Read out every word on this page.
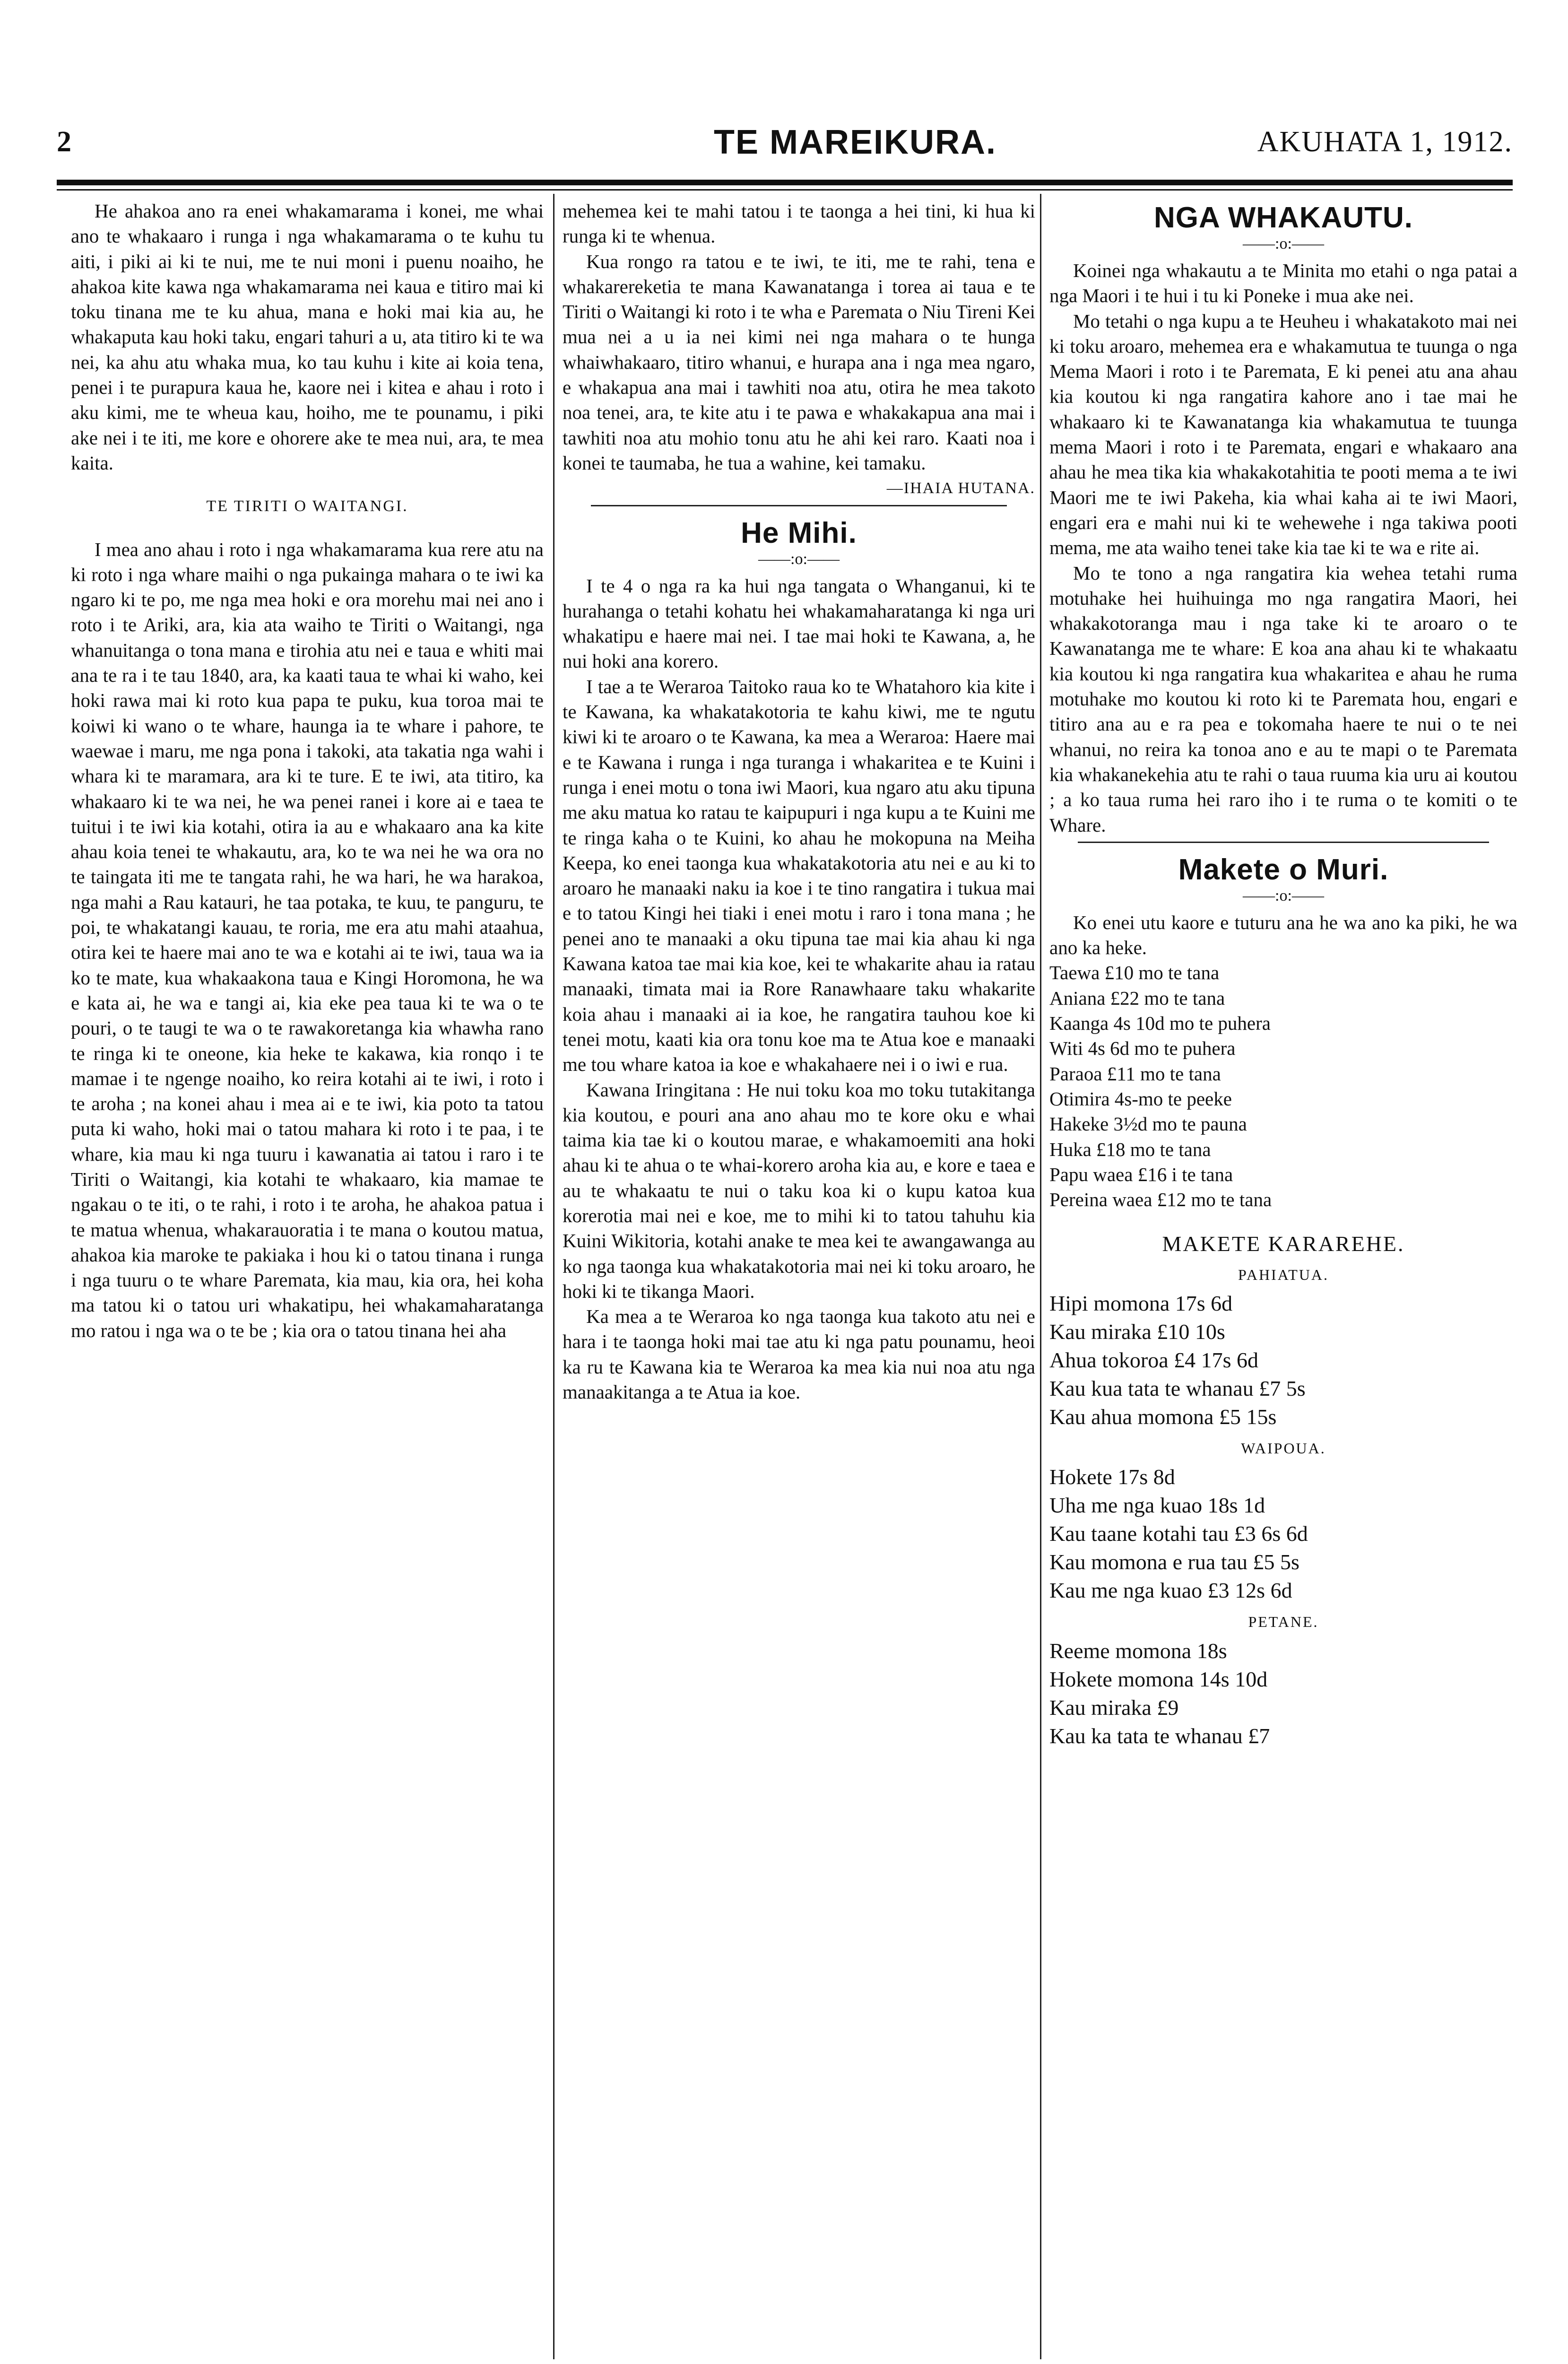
2	TE MAREIKURA.	AKUHATA 1, 1912.

He ahakoa ano ra enei whakamarama i konei, me whai ano te whakaaro i runga i nga whakamarama o te kuhu tu aiti, i piki ai ki te nui, me te nui moni i puenu noaiho, he ahakoa kite kawa nga whakamarama nei kaua e titiro mai ki toku tinana me te ku ahua, mana e hoki mai kia au, he whakaputa kau hoki taku, engari tahuri a u, ata titiro ki te wa nei, ka ahu atu whaka mua, ko tau kuhu i kite ai koia tena, penei i te purapura kaua he, kaore nei i kitea e ahau i roto i aku kimi, me te wheua kau, hoiho, me te pounamu, i piki ake nei i te iti, me kore e ohorere ake te mea nui, ara, te mea kaita.

TE TIRITI O WAITANGI.

I mea ano ahau i roto i nga whakamarama kua rere atu na ki roto i nga whare maihi o nga pukainga mahara o te iwi ka ngaro ki te po, me nga mea hoki e ora morehu mai nei ano i roto i te Ariki, ara, kia ata waiho te Tiriti o Waitangi, nga whanuitanga o tona mana e tirohia atu nei e taua e whiti mai ana te ra i te tau 1840, ara, ka kaati taua te whai ki waho, kei hoki rawa mai ki roto kua papa te puku, kua toroa mai te koiwi ki wano o te whare, haunga ia te whare i pahore, te waewae i maru, me nga pona i takoki, ata takatia nga wahi i whara ki te maramara, ara ki te ture. E te iwi, ata titiro, ka whakaaro ki te wa nei, he wa penei ranei i kore ai e taea te tuitui i te iwi kia kotahi, otira ia au e whakaaro ana ka kite ahau koia tenei te whakautu, ara, ko te wa nei he wa ora no te taingata iti me te tangata rahi, he wa hari, he wa harakoa, nga mahi a Rau katauri, he taa potaka, te kuu, te panguru, te poi, te whakatangi kauau, te roria, me era atu mahi ataahua, otira kei te haere mai ano te wa e kotahi ai te iwi, taua wa ia ko te mate, kua whakaakona taua e Kingi Horomona, he wa e kata ai, he wa e tangi ai, kia eke pea taua ki te wa o te pouri, o te taugi te wa o te rawakoretanga kia whawha rano te ringa ki te oneone, kia heke te kakawa, kia ronqo i te mamae i te ngenge noaiho, ko reira kotahi ai te iwi, i roto i te aroha ; na konei ahau i mea ai e te iwi, kia poto ta tatou puta ki waho, hoki mai o tatou mahara ki roto i te paa, i te whare, kia mau ki nga tuuru i kawanatia ai tatou i raro i te Tiriti o Waitangi, kia kotahi te whakaaro, kia mamae te ngakau o te iti, o te rahi, i roto i te aroha, he ahakoa patua i te matua whenua, whakarauoratia i te mana o koutou matua, ahakoa kia maroke te pakiaka i hou ki o tatou tinana i runga i nga tuuru o te whare Paremata, kia mau, kia ora, hei koha ma tatou ki o tatou uri whakatipu, hei whakamaharatanga mo ratou i nga wa o te be ; kia ora o tatou tinana hei aha

mehemea kei te mahi tatou i te taonga a hei tini, ki hua ki runga ki te whenua.

Kua rongo ra tatou e te iwi, te iti, me te rahi, tena e whakarereketia te mana Kawanatanga i torea ai taua e te Tiriti o Waitangi ki roto i te wha e Paremata o Niu Tireni Kei mua nei a u ia nei kimi nei nga mahara o te hunga whaiwhakaaro, titiro whanui, e hurapa ana i nga mea ngaro, e whakapua ana mai i tawhiti noa atu, otira he mea takoto noa tenei, ara, te kite atu i te pawa e whakakapua ana mai i tawhiti noa atu mohio tonu atu he ahi kei raro. Kaati noa i konei te taumaba, he tua a wahine, kei tamaku.

—IHAIA HUTANA.
He Mihi.
——:o:——

I te 4 o nga ra ka hui nga tangata o Whanganui, ki te hurahanga o tetahi kohatu hei whakamaharatanga ki nga uri whakatipu e haere mai nei. I tae mai hoki te Kawana, a, he nui hoki ana korero.

I tae a te Weraroa Taitoko raua ko te Whatahoro kia kite i te Kawana, ka whakatakotoria te kahu kiwi, me te ngutu kiwi ki te aroaro o te Kawana, ka mea a Weraroa: Haere mai e te Kawana i runga i nga turanga i whakaritea e te Kuini i runga i enei motu o tona iwi Maori, kua ngaro atu aku tipuna me aku matua ko ratau te kaipupuri i nga kupu a te Kuini me te ringa kaha o te Kuini, ko ahau he mokopuna na Meiha Keepa, ko enei taonga kua whakatakotoria atu nei e au ki to aroaro he manaaki naku ia koe i te tino rangatira i tukua mai e to tatou Kingi hei tiaki i enei motu i raro i tona mana ; he penei ano te manaaki a oku tipuna tae mai kia ahau ki nga Kawana katoa tae mai kia koe, kei te whakarite ahau ia ratau manaaki, timata mai ia Rore Ranawhaare taku whakarite koia ahau i manaaki ai ia koe, he rangatira tauhou koe ki tenei motu, kaati kia ora tonu koe ma te Atua koe e manaaki me tou whare katoa ia koe e whakahaere nei i o iwi e rua.

Kawana Iringitana : He nui toku koa mo toku tutakitanga kia koutou, e pouri ana ano ahau mo te kore oku e whai taima kia tae ki o koutou marae, e whakamoemiti ana hoki ahau ki te ahua o te whai-korero aroha kia au, e kore e taea e au te whakaatu te nui o taku koa ki o kupu katoa kua korerotia mai nei e koe, me to mihi ki to tatou tahuhu kia Kuini Wikitoria, kotahi anake te mea kei te awangawanga au ko nga taonga kua whakatakotoria mai nei ki toku aroaro, he hoki ki te tikanga Maori.

Ka mea a te Weraroa ko nga taonga kua takoto atu nei e hara i te taonga hoki mai tae atu ki nga patu pounamu, heoi ka ru te Kawana kia te Weraroa ka mea kia nui noa atu nga manaakitanga a te Atua ia koe.

NGA WHAKAUTU.
——:o:——

Koinei nga whakautu a te Minita mo etahi o nga patai a nga Maori i te hui i tu ki Poneke i mua ake nei.

Mo tetahi o nga kupu a te Heuheu i whakatakoto mai nei ki toku aroaro, mehemea era e whakamutua te tuunga o nga Mema Maori i roto i te Paremata, E ki penei atu ana ahau kia koutou ki nga rangatira kahore ano i tae mai he whakaaro ki te Kawanatanga kia whakamutua te tuunga mema Maori i roto i te Paremata, engari e whakaaro ana ahau he mea tika kia whakakotahitia te pooti mema a te iwi Maori me te iwi Pakeha, kia whai kaha ai te iwi Maori, engari era e mahi nui ki te wehewehe i nga takiwa pooti mema, me ata waiho tenei take kia tae ki te wa e rite ai.

Mo te tono a nga rangatira kia wehea tetahi ruma motuhake hei huihuinga mo nga rangatira Maori, hei whakakotoranga mau i nga take ki te aroaro o te Kawanatanga me te whare: E koa ana ahau ki te whakaatu kia koutou ki nga rangatira kua whakaritea e ahau he ruma motuhake mo koutou ki roto ki te Paremata hou, engari e titiro ana au e ra pea e tokomaha haere te nui o te nei whanui, no reira ka tonoa ano e au te mapi o te Paremata kia whakanekehia atu te rahi o taua ruuma kia uru ai koutou ; a ko taua ruma hei raro iho i te ruma o te komiti o te Whare.

Makete o Muri.
——:o:——

Ko enei utu kaore e tuturu ana he wa ano ka piki, he wa ano ka heke.

Taewa £10 mo te tana
Aniana £22 mo te tana
Kaanga 4s 10d mo te puhera
Witi 4s 6d mo te puhera
Paraoa £11 mo te tana
Otimira 4s-mo te peeke
Hakeke 3½d mo te pauna
Huka £18 mo te tana
Papu waea £16 i te tana
Pereina waea £12 mo te tana
MAKETE KARAREHE.
PAHIATUA.
Hipi momona 17s 6d
Kau miraka £10 10s
Ahua tokoroa £4 17s 6d
Kau kua tata te whanau £7 5s
Kau ahua momona £5 15s
WAIPOUA.
Hokete 17s 8d
Uha me nga kuao 18s 1d
Kau taane kotahi tau £3 6s 6d
Kau momona e rua tau £5 5s
Kau me nga kuao £3 12s 6d
PETANE.
Reeme momona 18s
Hokete momona 14s 10d
Kau miraka £9
Kau ka tata te whanau £7
